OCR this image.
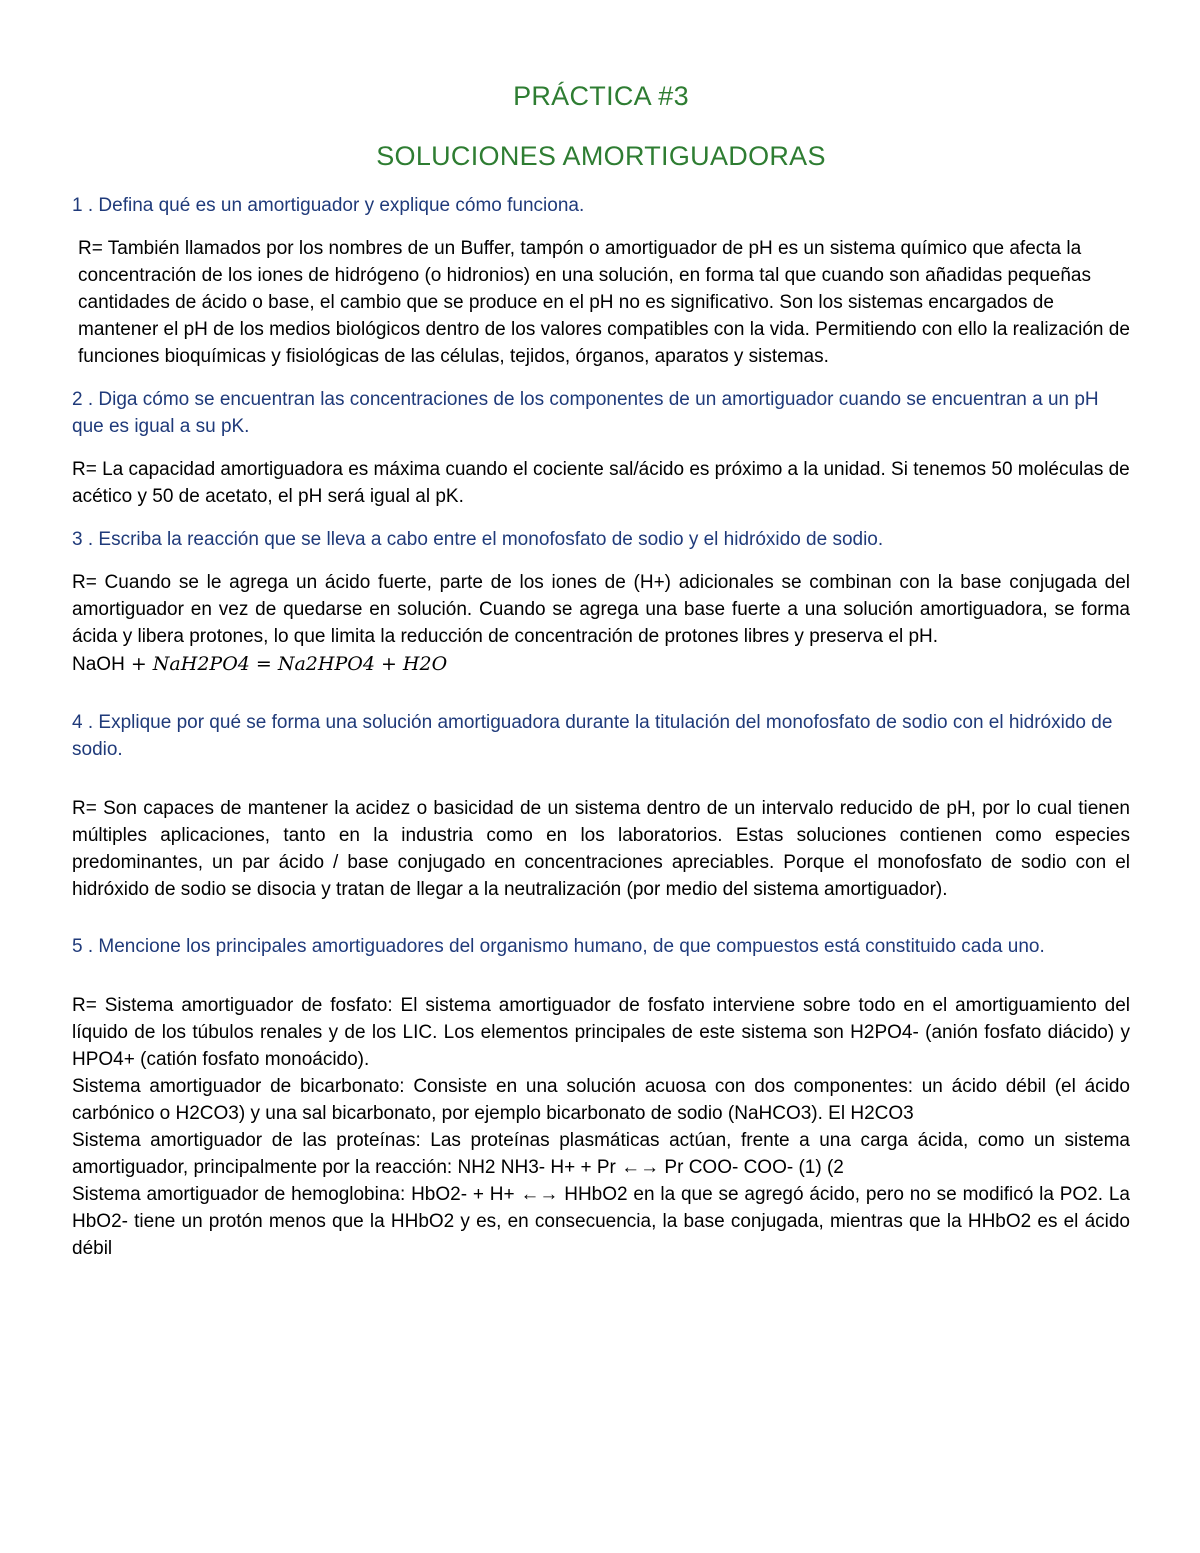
PRÁCTICA #3
SOLUCIONES AMORTIGUADORAS

1 . Defina qué es un amortiguador y explique cómo funciona.

R= También llamados por los nombres de un Buffer, tampón o amortiguador de pH es un sistema químico que afecta la concentración de los iones de hidrógeno (o hidronios) en una solución, en forma tal que cuando son añadidas pequeñas cantidades de ácido o base, el cambio que se produce en el pH no es significativo. Son los sistemas encargados de mantener el pH de los medios biológicos dentro de los valores compatibles con la vida. Permitiendo con ello la realización de funciones bioquímicas y fisiológicas de las células, tejidos, órganos, aparatos y sistemas.

2 . Diga cómo se encuentran las concentraciones de los componentes de un amortiguador cuando se encuentran a un pH que es igual a su pK.

R= La capacidad amortiguadora es máxima cuando el cociente sal/ácido es próximo a la unidad. Si tenemos 50 moléculas de acético y 50 de acetato, el pH será igual al pK.

3 . Escriba la reacción que se lleva a cabo entre el monofosfato de sodio y el hidróxido de sodio.

R= Cuando se le agrega un ácido fuerte, parte de los iones de (H+) adicionales se combinan con la base conjugada del amortiguador en vez de quedarse en solución. Cuando se agrega una base fuerte a una solución amortiguadora, se forma ácida y libera protones, lo que limita la reducción de concentración de protones libres y preserva el pH.

NaOH + NaH2PO4 = Na2HPO4 + H2O

4 . Explique por qué se forma una solución amortiguadora durante la titulación del monofosfato de sodio con el hidróxido de sodio.

R= Son capaces de mantener la acidez o basicidad de un sistema dentro de un intervalo reducido de pH, por lo cual tienen múltiples aplicaciones, tanto en la industria como en los laboratorios. Estas soluciones contienen como especies predominantes, un par ácido / base conjugado en concentraciones apreciables. Porque el monofosfato de sodio con el hidróxido de sodio se disocia y tratan de llegar a la neutralización (por medio del sistema amortiguador).

5 . Mencione los principales amortiguadores del organismo humano, de que compuestos está constituido cada uno.

R= Sistema amortiguador de fosfato: El sistema amortiguador de fosfato interviene sobre todo en el amortiguamiento del líquido de los túbulos renales y de los LIC. Los elementos principales de este sistema son H2PO4- (anión fosfato diácido) y HPO4+ (catión fosfato monoácido).

Sistema amortiguador de bicarbonato: Consiste en una solución acuosa con dos componentes: un ácido débil (el ácido carbónico o H2CO3) y una sal bicarbonato, por ejemplo bicarbonato de sodio (NaHCO3). El H2CO3

Sistema amortiguador de las proteínas: Las proteínas plasmáticas actúan, frente a una carga ácida, como un sistema amortiguador, principalmente por la reacción: NH2 NH3- H+ + Pr ←→ Pr COO- COO- (1) (2

Sistema amortiguador de hemoglobina: HbO2- + H+ ←→ HHbO2 en la que se agregó ácido, pero no se modificó la PO2. La HbO2- tiene un protón menos que la HHbO2 y es, en consecuencia, la base conjugada, mientras que la HHbO2 es el ácido débil
